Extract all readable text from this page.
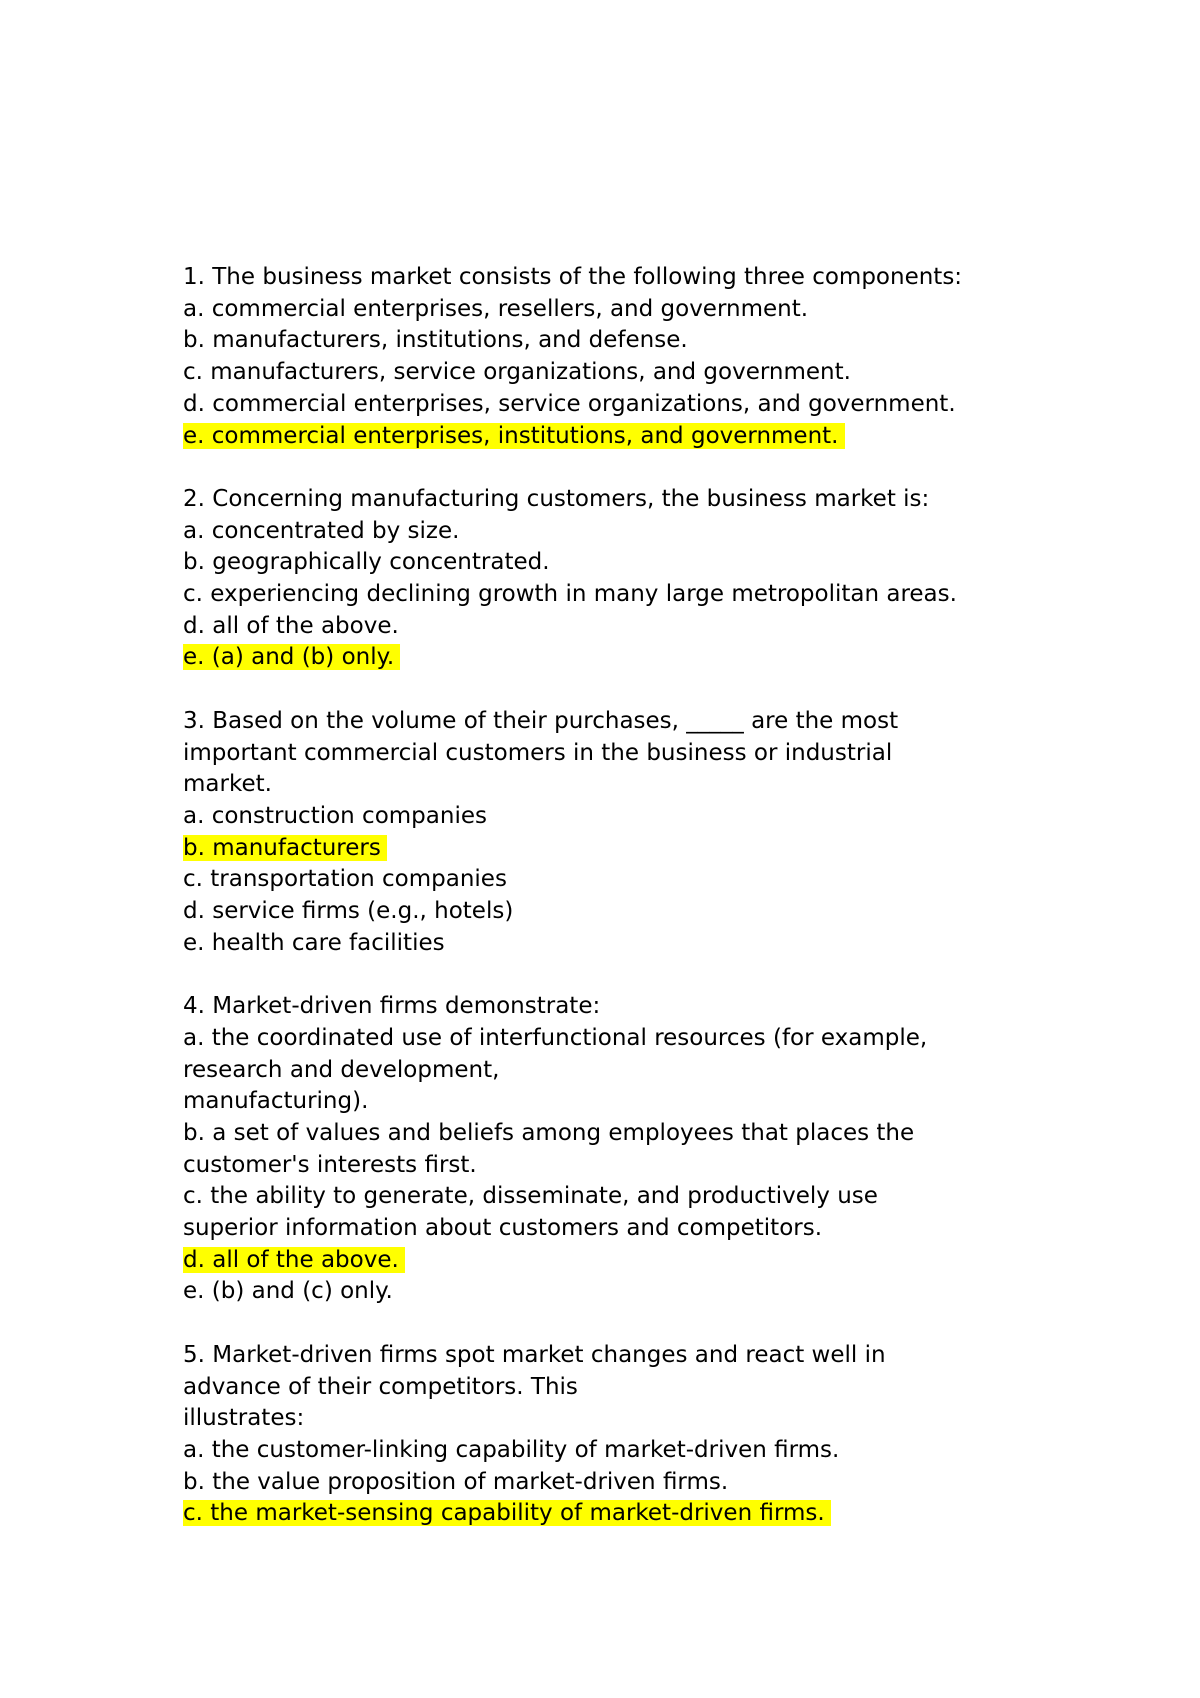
1. The business market consists of the following three components:
a. commercial enterprises, resellers, and government.
b. manufacturers, institutions, and defense.
c. manufacturers, service organizations, and government.
d. commercial enterprises, service organizations, and government.
e. commercial enterprises, institutions, and government.
2. Concerning manufacturing customers, the business market is:
a. concentrated by size.
b. geographically concentrated.
c. experiencing declining growth in many large metropolitan areas.
d. all of the above.
e. (a) and (b) only.
3. Based on the volume of their purchases, _____ are the most
important commercial customers in the business or industrial
market.
a. construction companies
b. manufacturers
c. transportation companies
d. service firms (e.g., hotels)
e. health care facilities
4. Market-driven firms demonstrate:
a. the coordinated use of interfunctional resources (for example,
research and development,
manufacturing).
b. a set of values and beliefs among employees that places the
customer's interests first.
c. the ability to generate, disseminate, and productively use
superior information about customers and competitors.
d. all of the above.
e. (b) and (c) only.
5. Market-driven firms spot market changes and react well in
advance of their competitors. This
illustrates:
a. the customer-linking capability of market-driven firms.
b. the value proposition of market-driven firms.
c. the market-sensing capability of market-driven firms.
